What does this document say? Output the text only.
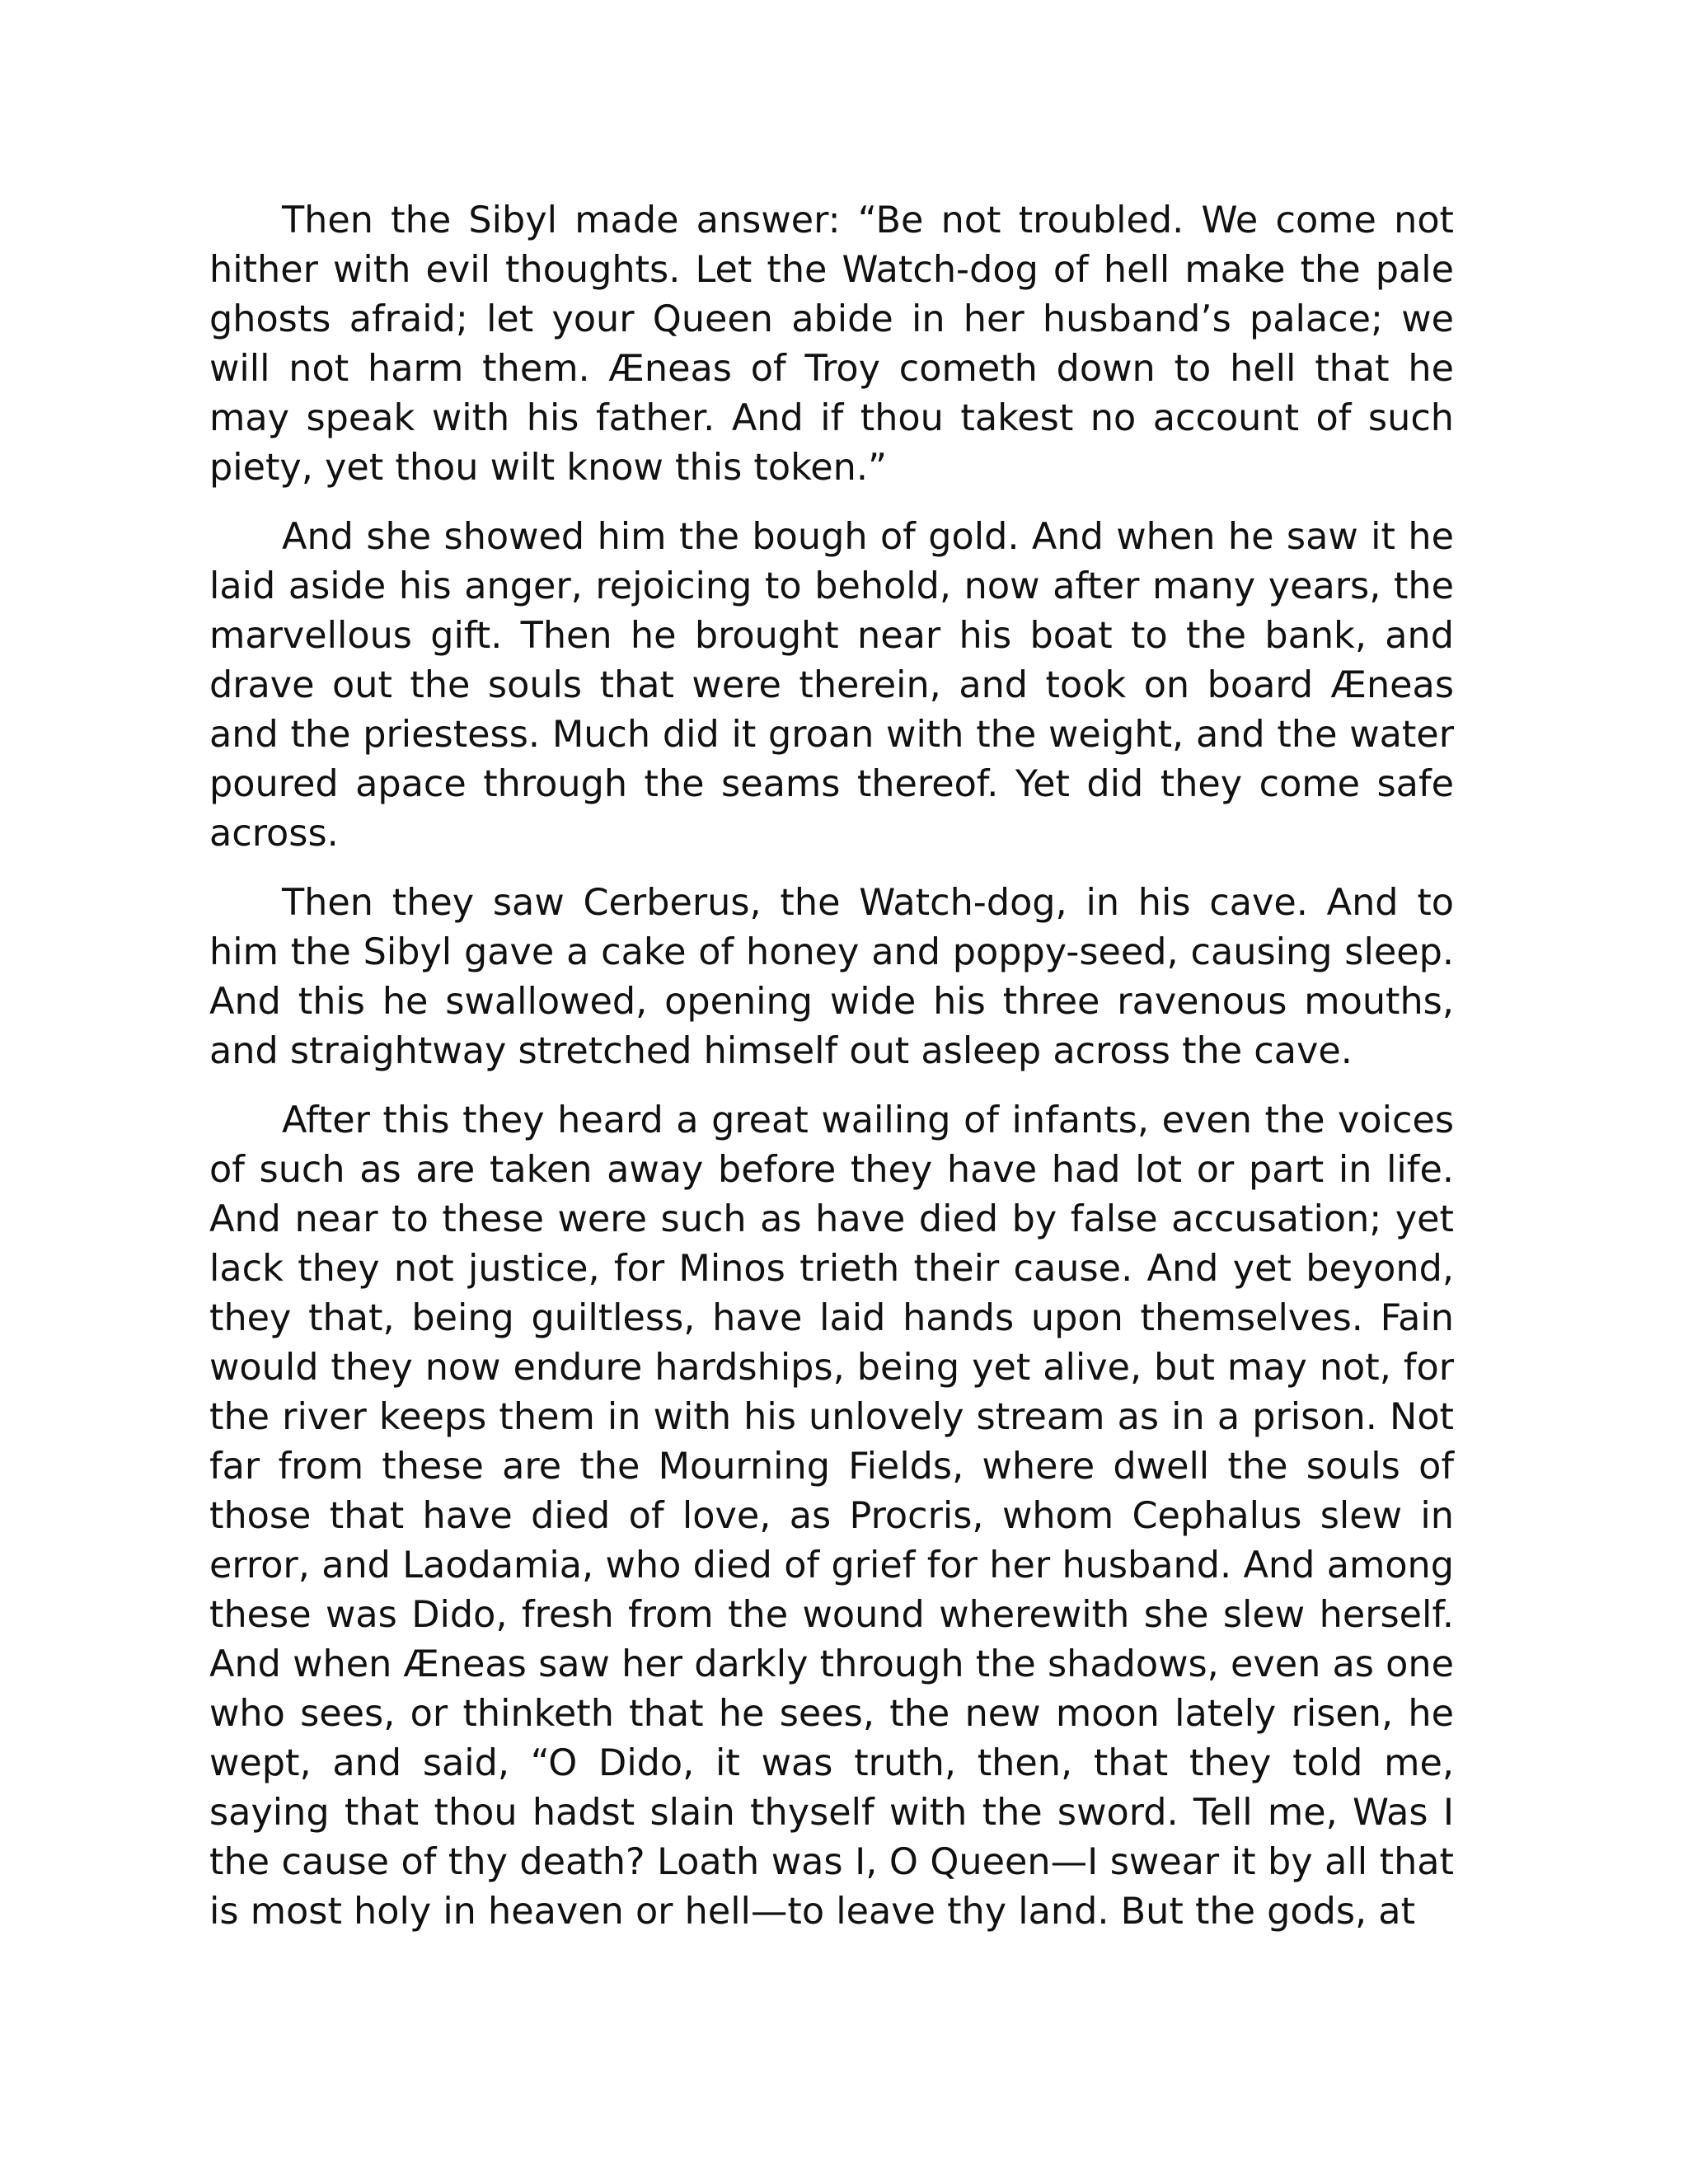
Then the Sibyl made answer: “Be not troubled. We come not hither with evil thoughts. Let the Watch-dog of hell make the pale ghosts afraid; let your Queen abide in her husband’s palace; we will not harm them. Æneas of Troy cometh down to hell that he may speak with his father. And if thou takest no account of such piety, yet thou wilt know this token.”

And she showed him the bough of gold. And when he saw it he laid aside his anger, rejoicing to behold, now after many years, the marvellous gift. Then he brought near his boat to the bank, and drave out the souls that were therein, and took on board Æneas and the priestess. Much did it groan with the weight, and the water poured apace through the seams thereof. Yet did they come safe across.

Then they saw Cerberus, the Watch-dog, in his cave. And to him the Sibyl gave a cake of honey and poppy-seed, causing sleep. And this he swallowed, opening wide his three ravenous mouths, and straightway stretched himself out asleep across the cave.

After this they heard a great wailing of infants, even the voices of such as are taken away before they have had lot or part in life. And near to these were such as have died by false accusation; yet lack they not justice, for Minos trieth their cause. And yet beyond, they that, being guiltless, have laid hands upon themselves. Fain would they now endure hardships, being yet alive, but may not, for the river keeps them in with his unlovely stream as in a prison. Not far from these are the Mourning Fields, where dwell the souls of those that have died of love, as Procris, whom Cephalus slew in error, and Laodamia, who died of grief for her husband. And among these was Dido, fresh from the wound wherewith she slew herself. And when Æneas saw her darkly through the shadows, even as one who sees, or thinketh that he sees, the new moon lately risen, he wept, and said, “O Dido, it was truth, then, that they told me, saying that thou hadst slain thyself with the sword. Tell me, Was I the cause of thy death? Loath was I, O Queen—I swear it by all that is most holy in heaven or hell—to leave thy land. But the gods, at
